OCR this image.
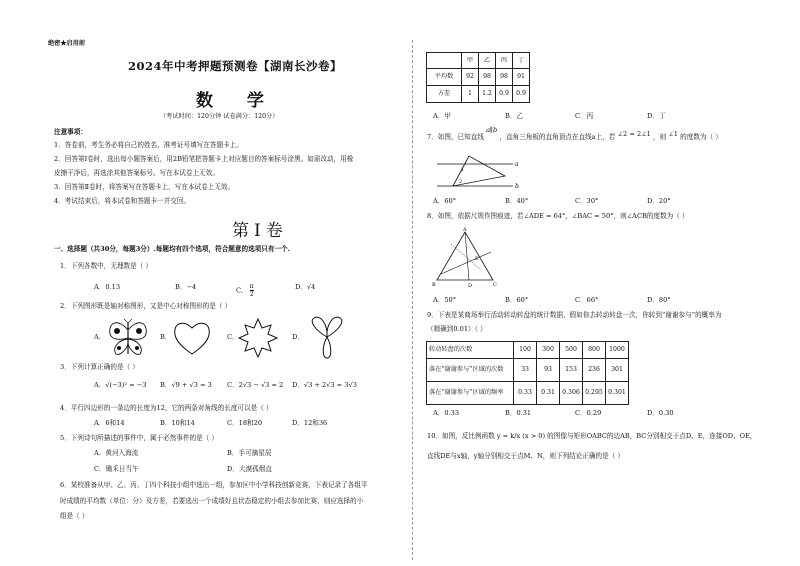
绝密★启用前
2024年中考押题预测卷【湖南长沙卷】
数 学
（考试时间：120分钟 试卷满分：120分）
注意事项：
1．答卷前，考生务必将自己的姓名、准考证号填写在答题卡上。
2．回答第Ⅰ卷时，选出每小题答案后，用2B铅笔把答题卡上对应题目的答案标号涂黑。如需改动，用橡
皮擦干净后，再选涂其他答案标号。写在本试卷上无效。
3．回答第Ⅱ卷时，将答案写在答题卡上，写在本试卷上无效。
4．考试结束后，将本试卷和答题卡一并交回。
第Ⅰ卷
一、选择题（共30分，每题3分）.每题均有四个选项，符合题意的选项只有一个.
1．下列各数中，无理数是（ ）
A．0.13	B．−4	C． $\frac{\pi}{2}$	D．√4
2．下列图形既是轴对称图形，又是中心对称图形的是（ ）
A．	B．	C．	D．
3．下列计算正确的是（ ）
A．√(−3)² = −3 B．√9 + √3 = 3 C．2√3 − √3 = 2 D．√3 + 2√3 = 3√3
4．平行四边形的一条边的长度为12，它的两条对角线的长度可以是（ ）
A．6和14	B．10和14	C．18和20	D．12和36
5．下列诗句所描述的事件中，属于必然事件的是（ ）
A．黄河入海流	B．手可摘星辰
C．锄禾日当午	D．大漠孤烟直
6．某校准备从甲、乙、丙、丁四个科技小组中选出一组，参加区中小学科技创新竞赛，下表记录了各组平
时成绩的平均数（单位：分）及方差，若要选出一个成绩好且状态稳定的小组去参加比赛，则应选择的小
组是（ ）
	甲	乙	丙	丁
平均数	92	98	98	91
方差	1	1.2	0.9	0.9
A．甲	B．乙	C．丙	D．丁
7．如图，已知直线 a∥b ，直角三角板的直角顶点在直线a上，若 ∠2 = 2∠1 ，则 ∠1 的度数为（ ）
a
b
1
2
A．60°	B．40°	C．30°	D．20°
8．如图，依据尺规作图痕迹，若∠ADE = 64°，∠BAC = 50°，则∠ACB的度数为（ ）
A
B	C
D
E
A．50°	B．60°	C．66°	D．80°
9．下表是某商场举行活动转动转盘的统计数据，假如你去转动转盘一次，你转到“谢谢参与”的概率为
（精确到0.01）（ ）
转动转盘的次数	100	300	500	800	1000
落在“谢谢参与”区域的次数	33	93	153	236	301
落在“谢谢参与”区域的频率	0.33	0.31	0.306	0.295	0.301
A．0.33	B．0.31	C．0.29	D．0.30
10．如图，反比例函数 y = k/x (x > 0) 的图像与矩形OABC的边AB，BC分别相交于点D、E，连接OD、OE，
直线DE与x轴，y轴分别相交于点M、N，则下列结论正确的是（ ）
